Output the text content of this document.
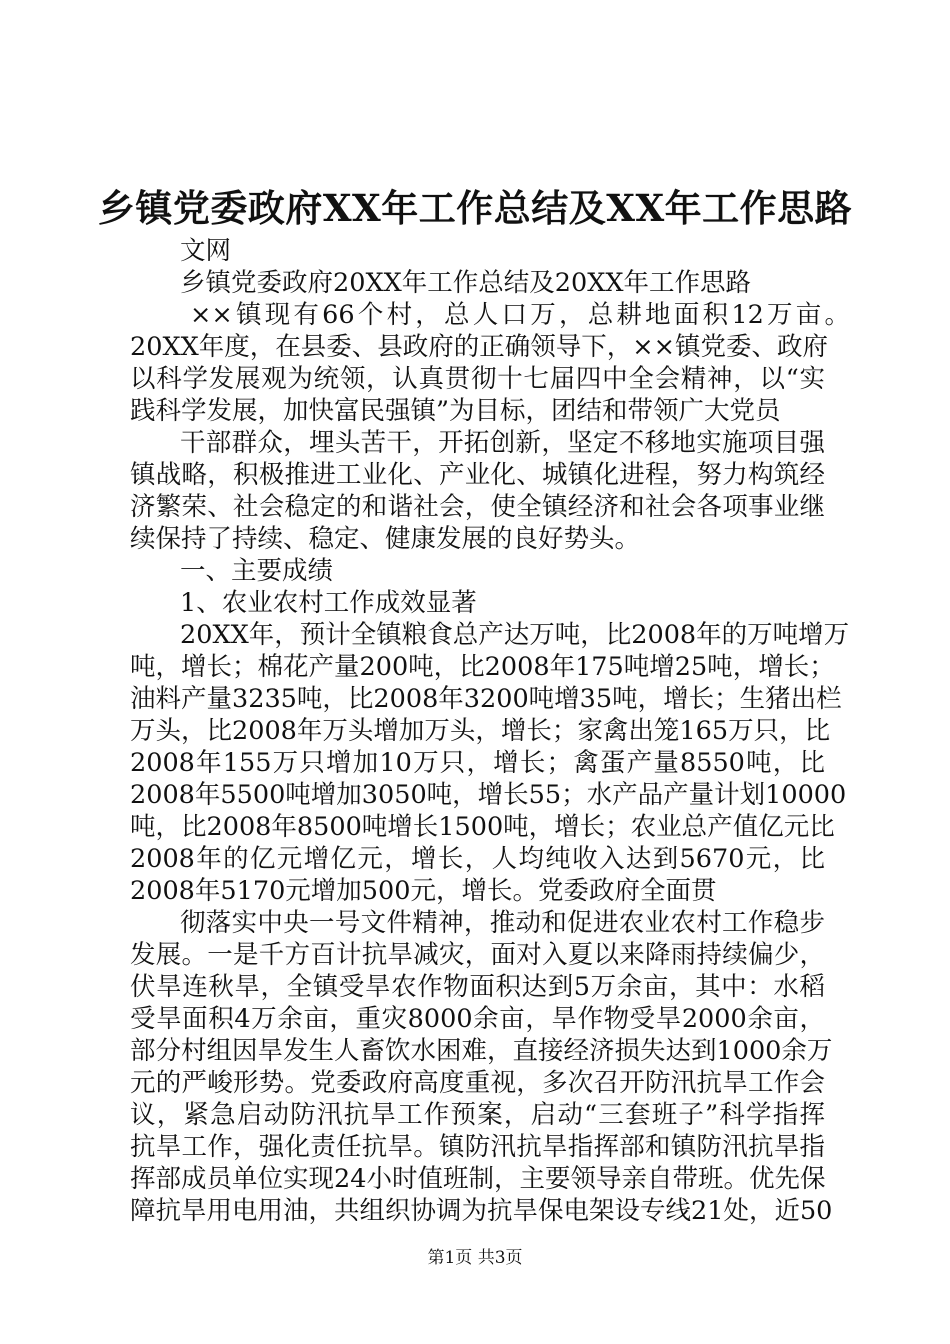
乡镇党委政府XX年工作总结及XX年工作思路
文网
乡镇党委政府20XX年工作总结及20XX年工作思路
××镇现有66个村，总人口万，总耕地面积12万亩。
20XX年度，在县委、县政府的正确领导下，××镇党委、政府
以科学发展观为统领，认真贯彻十七届四中全会精神，以“实
践科学发展，加快富民强镇”为目标，团结和带领广大党员
干部群众，埋头苦干，开拓创新，坚定不移地实施项目强
镇战略，积极推进工业化、产业化、城镇化进程，努力构筑经
济繁荣、社会稳定的和谐社会，使全镇经济和社会各项事业继
续保持了持续、稳定、健康发展的良好势头。
一、主要成绩
1、农业农村工作成效显著
20XX年，预计全镇粮食总产达万吨，比2008年的万吨增万
吨，增长；棉花产量200吨，比2008年175吨增25吨，增长；
油料产量3235吨，比2008年3200吨增35吨，增长；生猪出栏
万头，比2008年万头增加万头，增长；家禽出笼165万只，比
2008年155万只增加10万只，增长；禽蛋产量8550吨，比
2008年5500吨增加3050吨，增长55；水产品产量计划10000
吨，比2008年8500吨增长1500吨，增长；农业总产值亿元比
2008年的亿元增亿元，增长，人均纯收入达到5670元，比
2008年5170元增加500元，增长。党委政府全面贯
彻落实中央一号文件精神，推动和促进农业农村工作稳步
发展。一是千方百计抗旱减灾，面对入夏以来降雨持续偏少，
伏旱连秋旱，全镇受旱农作物面积达到5万余亩，其中：水稻
受旱面积4万余亩，重灾8000余亩，旱作物受旱2000余亩，
部分村组因旱发生人畜饮水困难，直接经济损失达到1000余万
元的严峻形势。党委政府高度重视，多次召开防汛抗旱工作会
议，紧急启动防汛抗旱工作预案，启动“三套班子”科学指挥
抗旱工作，强化责任抗旱。镇防汛抗旱指挥部和镇防汛抗旱指
挥部成员单位实现24小时值班制，主要领导亲自带班。优先保
障抗旱用电用油，共组织协调为抗旱保电架设专线21处，近50
第1页 共3页
